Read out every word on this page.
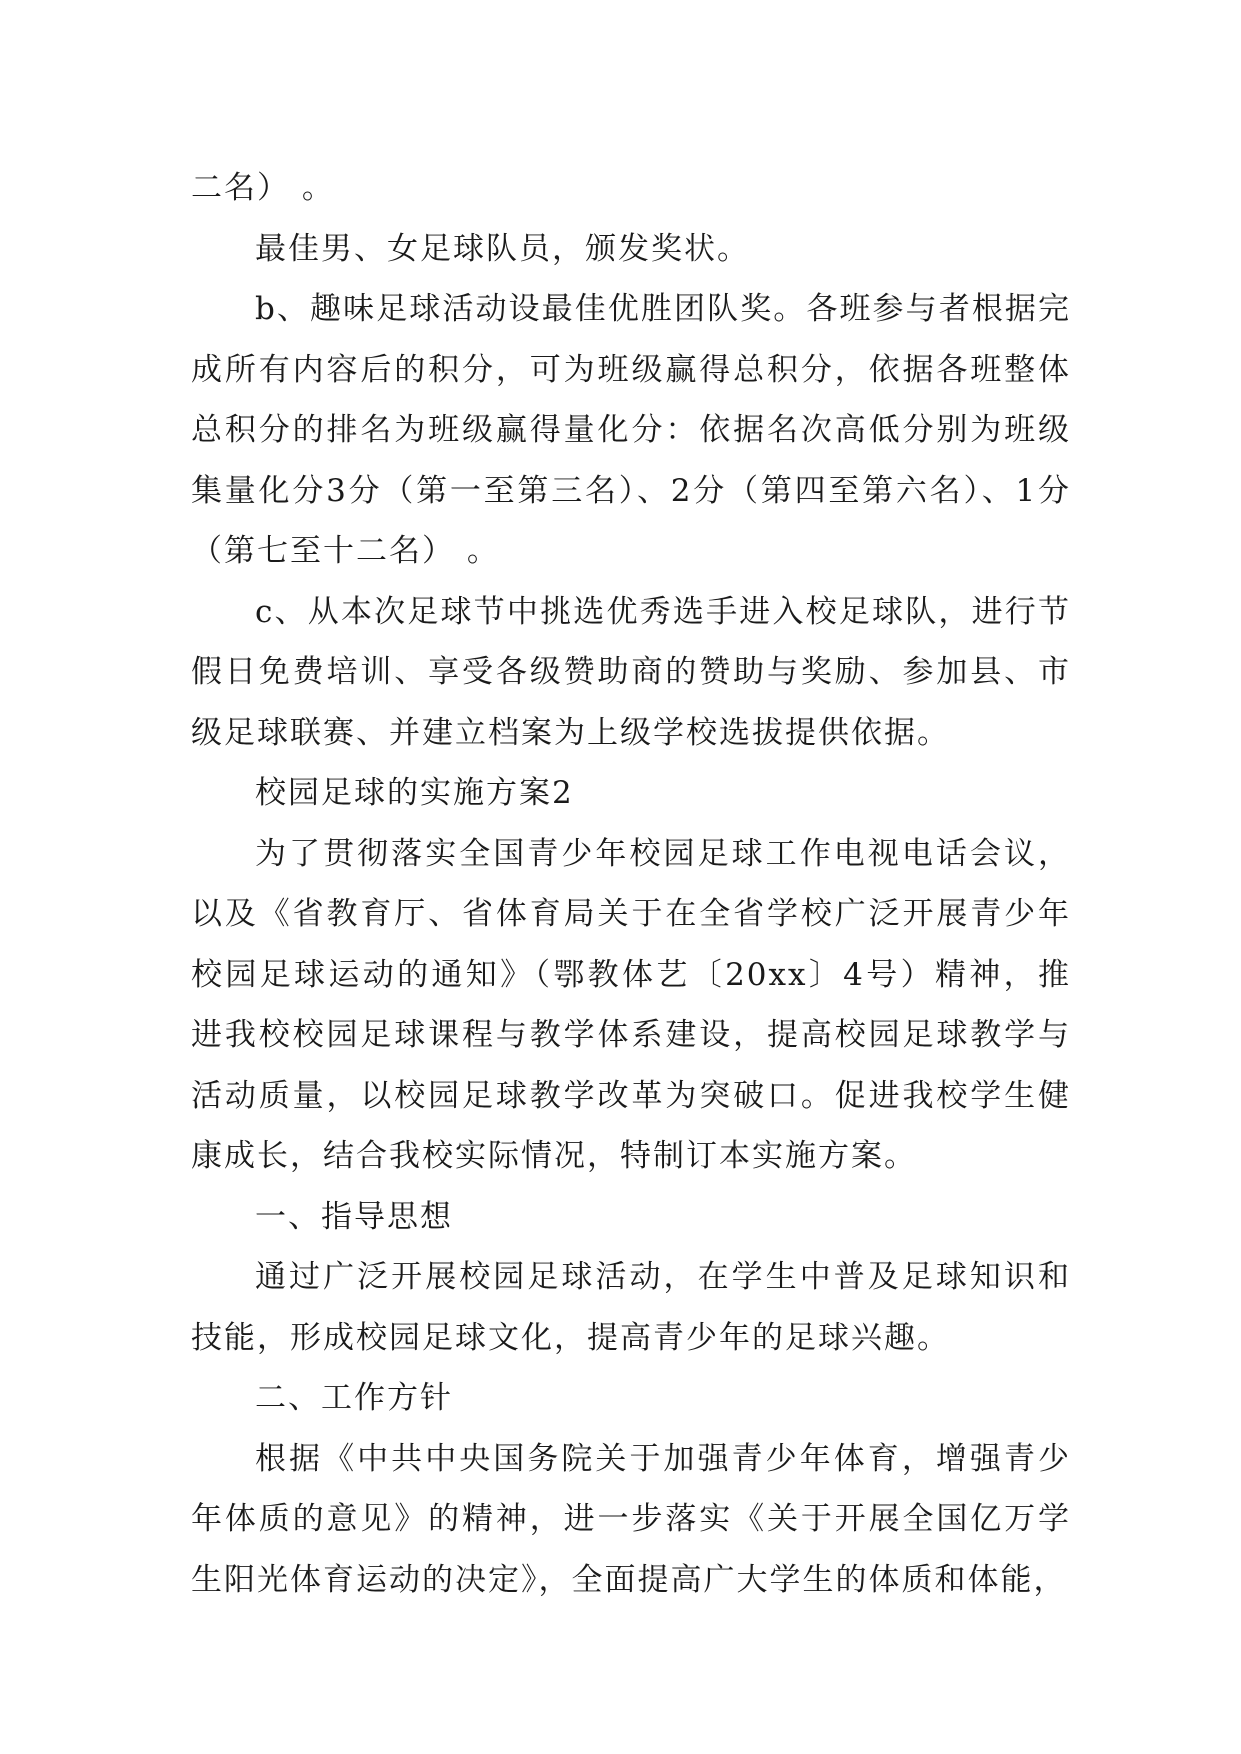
二名） 。

最佳男、女足球队员，颁发奖状。

b、趣味足球活动设最佳优胜团队奖。各班参与者根据完成所有内容后的积分，可为班级赢得总积分，依据各班整体总积分的排名为班级赢得量化分：依据名次高低分别为班级集量化分3分（第一至第三名）、2分（第四至第六名）、1分（第七至十二名） 。

c、从本次足球节中挑选优秀选手进入校足球队，进行节假日免费培训、享受各级赞助商的赞助与奖励、参加县、市级足球联赛、并建立档案为上级学校选拔提供依据。

校园足球的实施方案2

为了贯彻落实全国青少年校园足球工作电视电话会议，以及《省教育厅、省体育局关于在全省学校广泛开展青少年校园足球运动的通知》（鄂教体艺〔20xx〕4号）精神，推进我校校园足球课程与教学体系建设，提高校园足球教学与活动质量，以校园足球教学改革为突破口。促进我校学生健康成长，结合我校实际情况，特制订本实施方案。

一、指导思想

通过广泛开展校园足球活动，在学生中普及足球知识和技能，形成校园足球文化，提高青少年的足球兴趣。

二、工作方针

根据《中共中央国务院关于加强青少年体育，增强青少年体质的意见》的精神，进一步落实《关于开展全国亿万学生阳光体育运动的决定》，全面提高广大学生的体质和体能，
